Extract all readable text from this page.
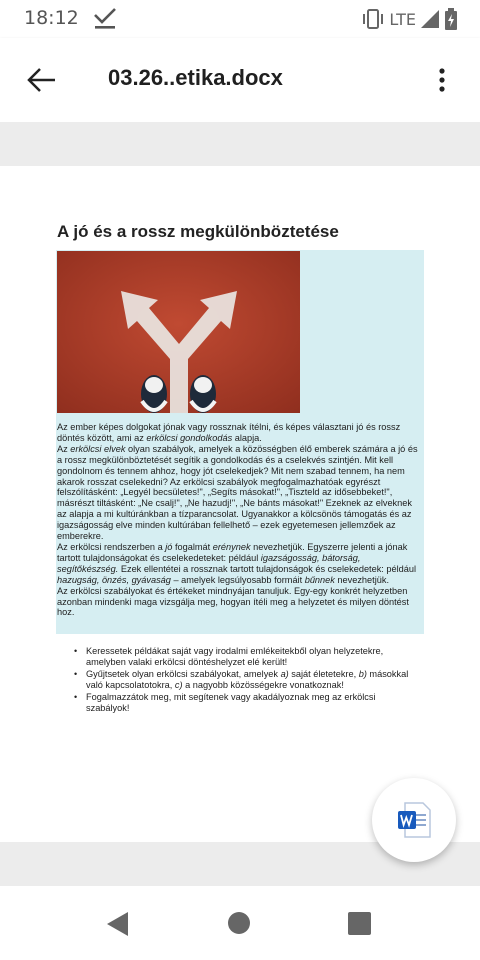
18:12	LTE
03.26..etika.docx
A jó és a rossz megkülönböztetése

Az ember képes dolgokat jónak vagy rossznak ítélni, és képes választani jó és rossz döntés között, ami az erkölcsi gondolkodás alapja.

Az erkölcsi elvek olyan szabályok, amelyek a közösségben élő emberek számára a jó és a rossz megkülönböztetését segítik a gondolkodás és a cselekvés szintjén. Mit kell gondolnom és tennem ahhoz, hogy jót cselekedjek? Mit nem szabad tennem, ha nem akarok rosszat cselekedni? Az erkölcsi szabályok megfogalmazhatóak egyrészt felszólításként: „Legyél becsületes!", „Segíts másokat!", „Tiszteld az idősebbeket!", másrészt tiltásként: „Ne csalj!", „Ne hazudj!", „Ne bánts másokat!" Ezeknek az elveknek az alapja a mi kultúránkban a tízparancsolat. Ugyanakkor a kölcsönös támogatás és az igazságosság elve minden kultúrában fellelhető – ezek egyetemesen jellemzőek az emberekre.

Az erkölcsi rendszerben a jó fogalmát erénynek nevezhetjük. Egyszerre jelenti a jónak tartott tulajdonságokat és cselekedeteket: például igazságosság, bátorság, segítőkészség. Ezek ellentétei a rossznak tartott tulajdonságok és cselekedetek: például hazugság, önzés, gyávaság – amelyek legsúlyosabb formáit bűnnek nevezhetjük.

Az erkölcsi szabályokat és értékeket mindnyájan tanuljuk. Egy-egy konkrét helyzetben azonban mindenki maga vizsgálja meg, hogyan ítéli meg a helyzetet és milyen döntést hoz.

• Keressetek példákat saját vagy irodalmi emlékeitekből olyan helyzetekre, amelyben valaki erkölcsi döntéshelyzet elé került!
• Gyűjtsetek olyan erkölcsi szabályokat, amelyek a) saját életetekre, b) másokkal való kapcsolatotokra, c) a nagyobb közösségekre vonatkoznak!
• Fogalmazzátok meg, mit segítenek vagy akadályoznak meg az erkölcsi szabályok!
